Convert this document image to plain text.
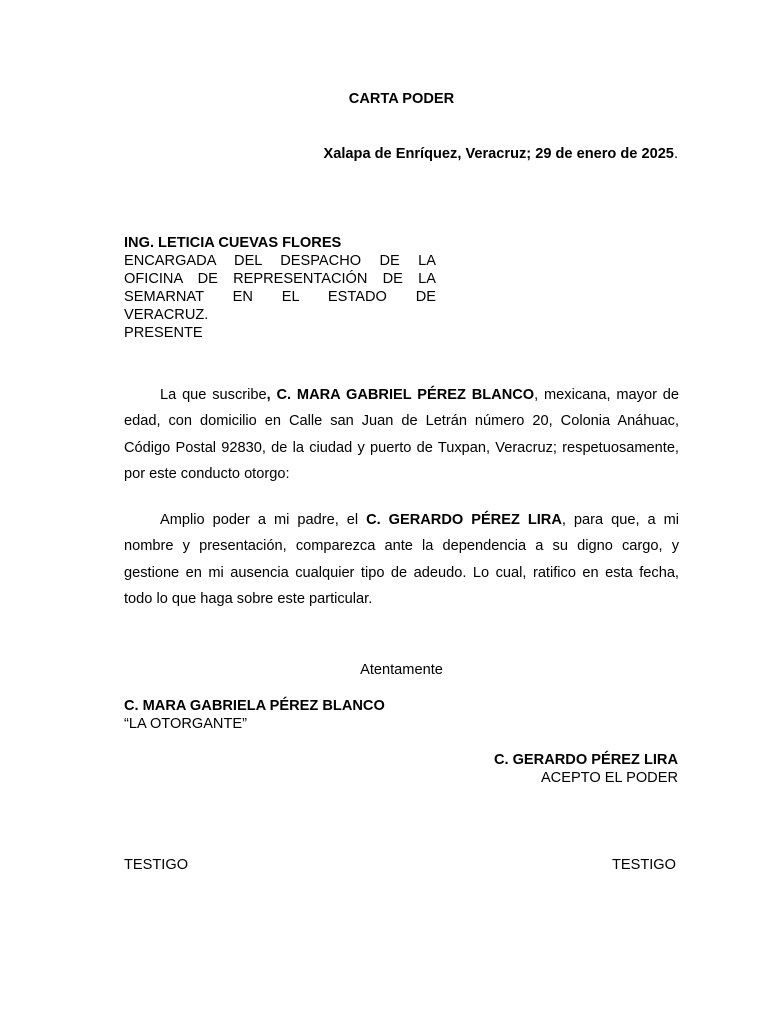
CARTA PODER
Xalapa de Enríquez, Veracruz; 29 de enero de 2025.
ING. LETICIA CUEVAS FLORES
ENCARGADA DEL DESPACHO DE LA
OFICINA DE REPRESENTACIÓN DE LA
SEMARNAT EN EL ESTADO DE
VERACRUZ.
PRESENTE
La que suscribe, C. MARA GABRIEL PÉREZ BLANCO, mexicana, mayor de edad, con domicilio en Calle san Juan de Letrán número 20, Colonia Anáhuac, Código Postal 92830, de la ciudad y puerto de Tuxpan, Veracruz; respetuosamente, por este conducto otorgo:
Amplio poder a mi padre, el C. GERARDO PÉREZ LIRA, para que, a mi nombre y presentación, comparezca ante la dependencia a su digno cargo, y gestione en mi ausencia cualquier tipo de adeudo. Lo cual, ratifico en esta fecha, todo lo que haga sobre este particular.
Atentamente
C. MARA GABRIELA PÉREZ BLANCO
“LA OTORGANTE”
C. GERARDO PÉREZ LIRA
ACEPTO EL PODER
TESTIGO	TESTIGO
